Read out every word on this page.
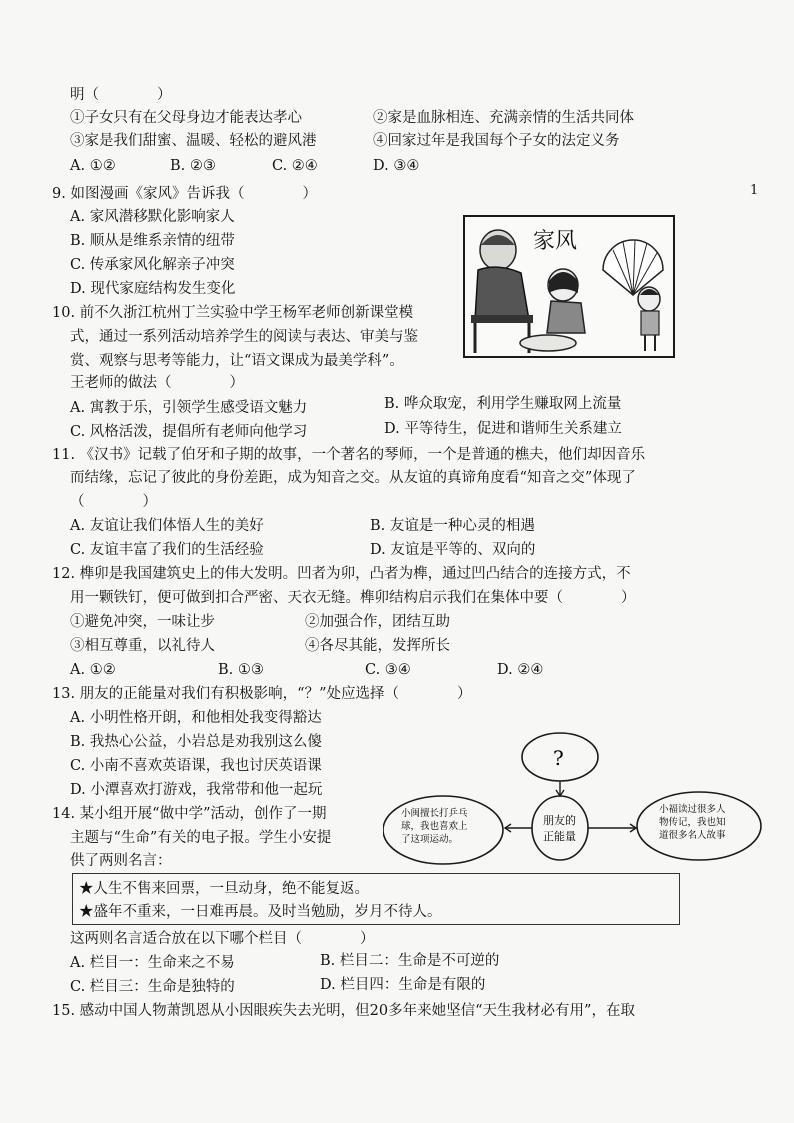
明（　　　　）
①子女只有在父母身边才能表达孝心	②家是血脉相连、充满亲情的生活共同体
③家是我们甜蜜、温暖、轻松的避风港	④回家过年是我国每个子女的法定义务
A. ①②	B. ②③	C. ②④	D. ③④
1
9. 如图漫画《家风》告诉我（　　　　）
A. 家风潜移默化影响家人
B. 顺从是维系亲情的纽带
C. 传承家风化解亲子冲突
D. 现代家庭结构发生变化
家风
10. 前不久浙江杭州丁兰实验中学王杨军老师创新课堂模
式，通过一系列活动培养学生的阅读与表达、审美与鉴
赏、观察与思考等能力，让“语文课成为最美学科”。
王老师的做法（　　　　）
A. 寓教于乐，引领学生感受语文魅力	B. 哗众取宠，利用学生赚取网上流量
C. 风格活泼，提倡所有老师向他学习	D. 平等待生，促进和谐师生关系建立
11. 《汉书》记载了伯牙和子期的故事，一个著名的琴师，一个是普通的樵夫，他们却因音乐
而结缘，忘记了彼此的身份差距，成为知音之交。从友谊的真谛角度看“知音之交”体现了
（　　　　）
A. 友谊让我们体悟人生的美好	B. 友谊是一种心灵的相遇
C. 友谊丰富了我们的生活经验	D. 友谊是平等的、双向的
12. 榫卯是我国建筑史上的伟大发明。凹者为卯，凸者为榫，通过凹凸结合的连接方式，不
用一颗铁钉，便可做到扣合严密、天衣无缝。榫卯结构启示我们在集体中要（　　　　）
①避免冲突，一味让步	②加强合作，团结互助
③相互尊重，以礼待人	④各尽其能，发挥所长
A. ①②	B. ①③	C. ③④	D. ②④
13. 朋友的正能量对我们有积极影响，“？”处应选择（　　　　）
A. 小明性格开朗，和他相处我变得豁达
B. 我热心公益，小岩总是劝我别这么傻
C. 小南不喜欢英语课，我也讨厌英语课
D. 小潭喜欢打游戏，我常带和他一起玩
?
朋友的
正能量
小闽擅长打乒乓
球，我也喜欢上
了这项运动。
小福读过很多人
物传记，我也知
道很多名人故事
14. 某小组开展“做中学”活动，创作了一期
主题与“生命”有关的电子报。学生小安提
供了两则名言：
★人生不售来回票，一旦动身，绝不能复返。
★盛年不重来，一日难再晨。及时当勉励，岁月不待人。
这两则名言适合放在以下哪个栏目（　　　　）
A. 栏目一：生命来之不易	B. 栏目二：生命是不可逆的
C. 栏目三：生命是独特的	D. 栏目四：生命是有限的
15. 感动中国人物萧凯恩从小因眼疾失去光明，但20多年来她坚信“天生我材必有用”，在取
